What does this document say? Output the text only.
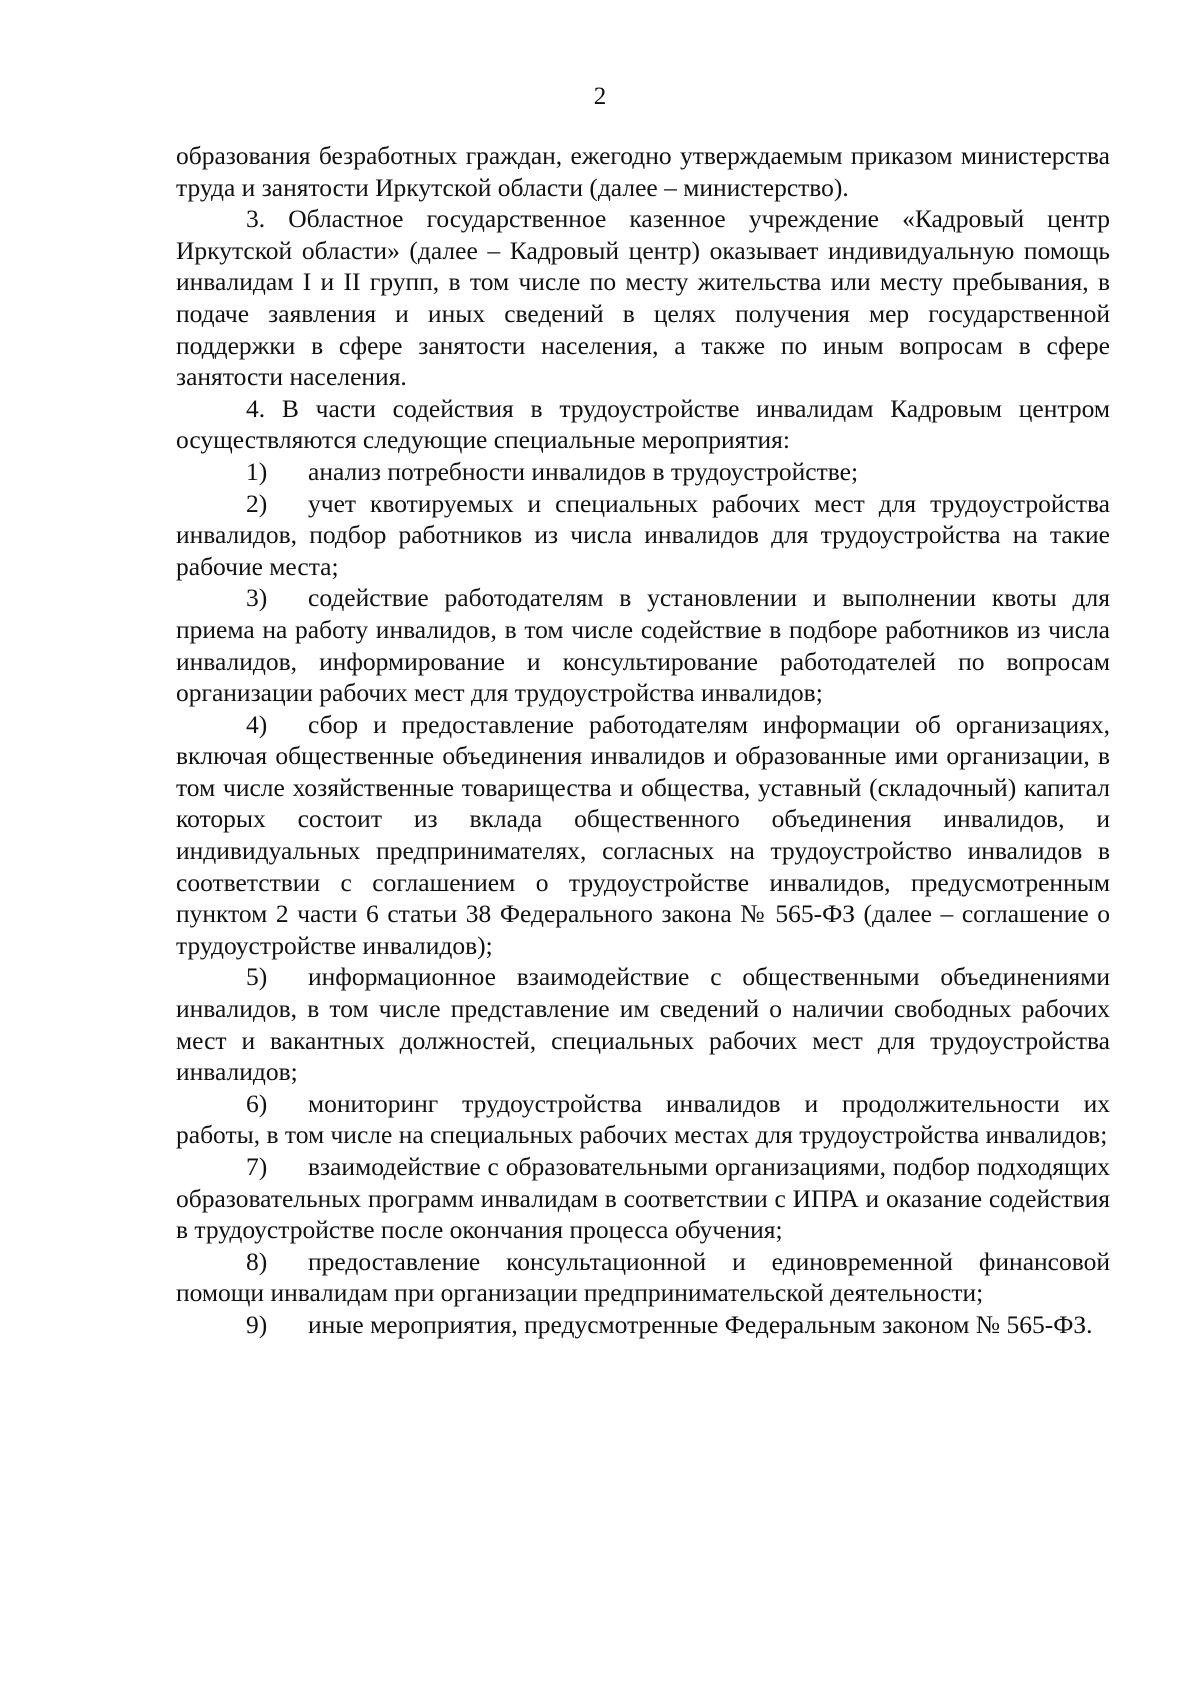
2

образования безработных граждан, ежегодно утверждаемым приказом министерства труда и занятости Иркутской области (далее – министерство).

3. Областное государственное казенное учреждение «Кадровый центр Иркутской области» (далее – Кадровый центр) оказывает индивидуальную помощь инвалидам I и II групп, в том числе по месту жительства или месту пребывания, в подаче заявления и иных сведений в целях получения мер государственной поддержки в сфере занятости населения, а также по иным вопросам в сфере занятости населения.

4. В части содействия в трудоустройстве инвалидам Кадровым центром осуществляются следующие специальные мероприятия:

1) анализ потребности инвалидов в трудоустройстве;

2) учет квотируемых и специальных рабочих мест для трудоустройства инвалидов, подбор работников из числа инвалидов для трудоустройства на такие рабочие места;

3) содействие работодателям в установлении и выполнении квоты для приема на работу инвалидов, в том числе содействие в подборе работников из числа инвалидов, информирование и консультирование работодателей по вопросам организации рабочих мест для трудоустройства инвалидов;

4) сбор и предоставление работодателям информации об организациях, включая общественные объединения инвалидов и образованные ими организации, в том числе хозяйственные товарищества и общества, уставный (складочный) капитал которых состоит из вклада общественного объединения инвалидов, и индивидуальных предпринимателях, согласных на трудоустройство инвалидов в соответствии с соглашением о трудоустройстве инвалидов, предусмотренным пунктом 2 части 6 статьи 38 Федерального закона № 565-ФЗ (далее – соглашение о трудоустройстве инвалидов);

5) информационное взаимодействие с общественными объединениями инвалидов, в том числе представление им сведений о наличии свободных рабочих мест и вакантных должностей, специальных рабочих мест для трудоустройства инвалидов;

6) мониторинг трудоустройства инвалидов и продолжительности их работы, в том числе на специальных рабочих местах для трудоустройства инвалидов;

7) взаимодействие с образовательными организациями, подбор подходящих образовательных программ инвалидам в соответствии с ИПРА и оказание содействия в трудоустройстве после окончания процесса обучения;

8) предоставление консультационной и единовременной финансовой помощи инвалидам при организации предпринимательской деятельности;

9) иные мероприятия, предусмотренные Федеральным законом № 565-ФЗ.
